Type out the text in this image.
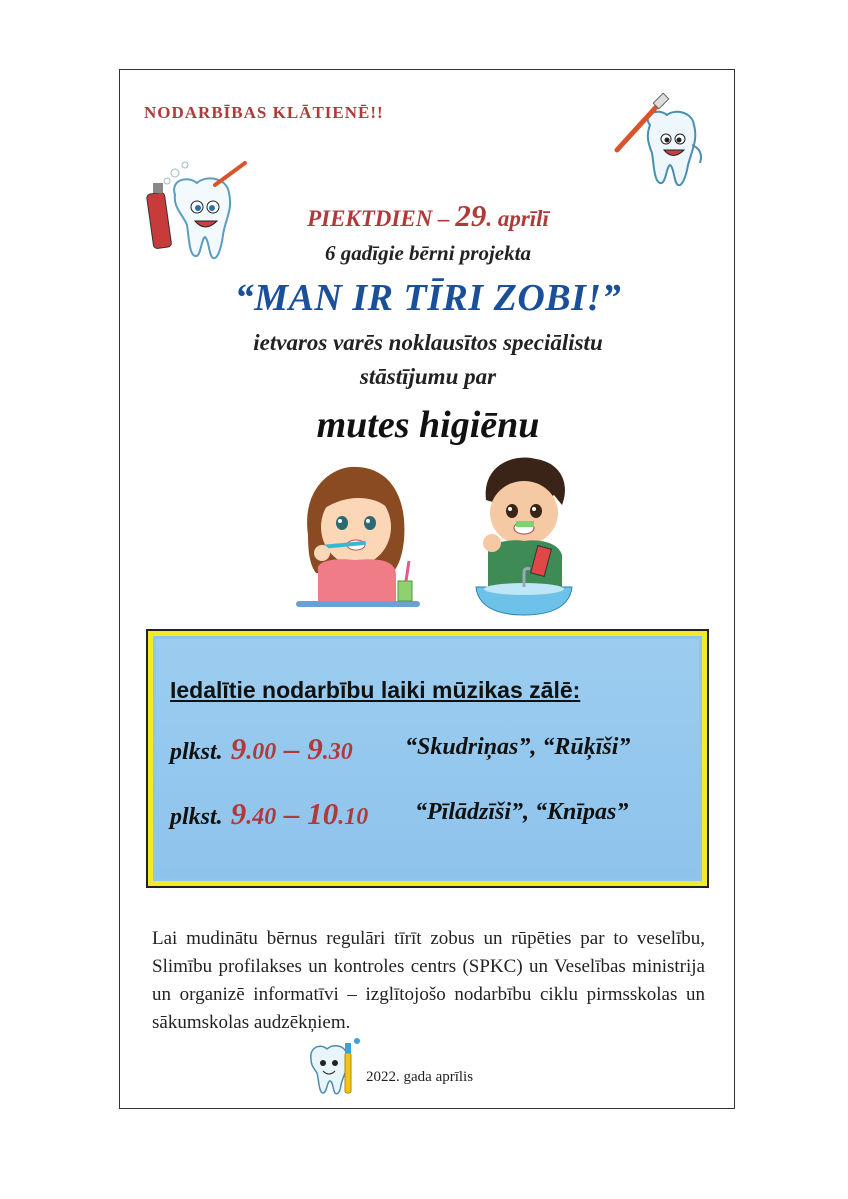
NODARBĪBAS KLĀTIENĒ!!
PIEKTDIEN – 29. aprīlī
6 gadīgie bērni projekta
“MAN IR TĪRI ZOBI!”
ietvaros varēs noklausītos speciālistu
stāstījumu par
mutes higiēnu
Iedalītie nodarbību laiki mūzikas zālē:
plkst. 9.00 – 9.30 “Skudriņas”, “Rūķīši”
plkst. 9.40 – 10.10 “Pīlādzīši”, “Knīpas”
Lai mudinātu bērnus regulāri tīrīt zobus un rūpēties par to veselību, Slimību profilakses un kontroles centrs (SPKC) un Veselības ministrija un organizē informatīvi – izglītojošo nodarbību ciklu pirmsskolas un sākumskolas audzēkņiem.
2022. gada aprīlis
